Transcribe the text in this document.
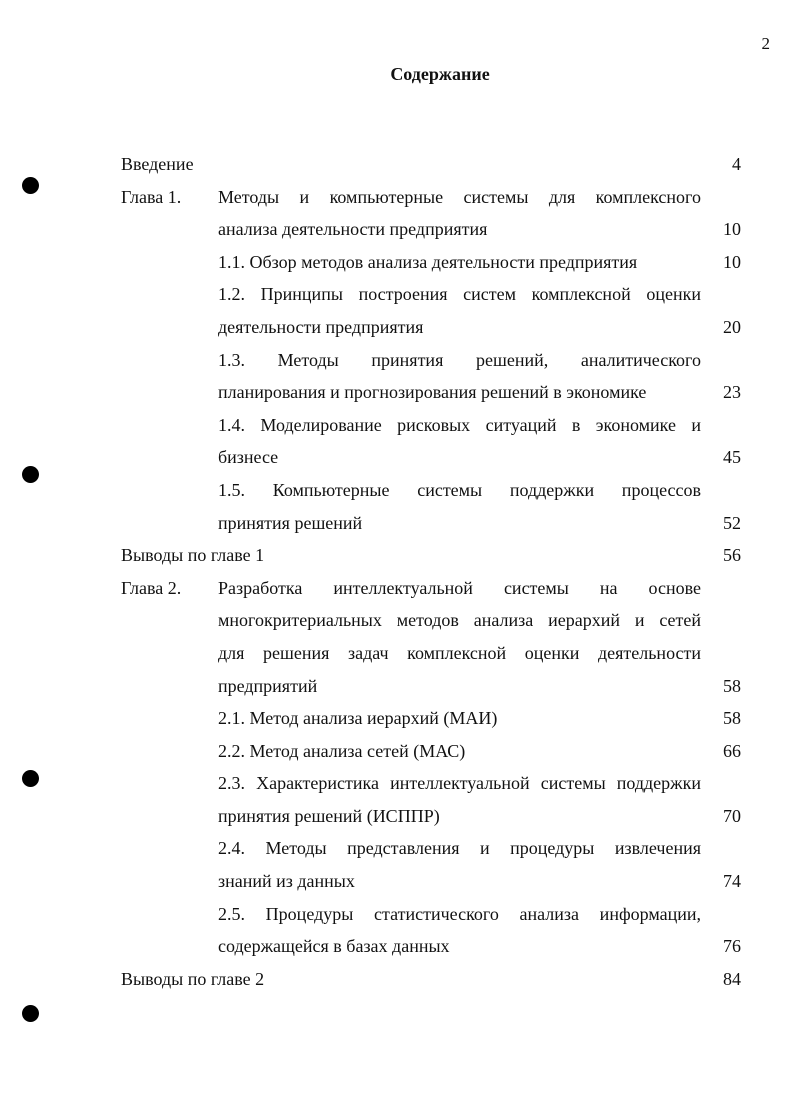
2
Содержание
Введение	4
Глава 1. Методы и компьютерные системы для комплексного
анализа деятельности предприятия	10
1.1. Обзор методов анализа деятельности предприятия	10
1.2. Принципы построения систем комплексной оценки
деятельности предприятия	20
1.3. Методы принятия решений, аналитического
планирования и прогнозирования решений в экономике	23
1.4. Моделирование рисковых ситуаций в экономике и
бизнесе	45
1.5. Компьютерные системы поддержки процессов
принятия решений	52
Выводы по главе 1	56
Глава 2. Разработка интеллектуальной системы на основе
многокритериальных методов анализа иерархий и сетей
для решения задач комплексной оценки деятельности
предприятий	58
2.1. Метод анализа иерархий (МАИ)	58
2.2. Метод анализа сетей (МАС)	66
2.3. Характеристика интеллектуальной системы поддержки
принятия решений (ИСППР)	70
2.4. Методы представления и процедуры извлечения
знаний из данных	74
2.5. Процедуры статистического анализа информации,
содержащейся в базах данных	76
Выводы по главе 2	84
